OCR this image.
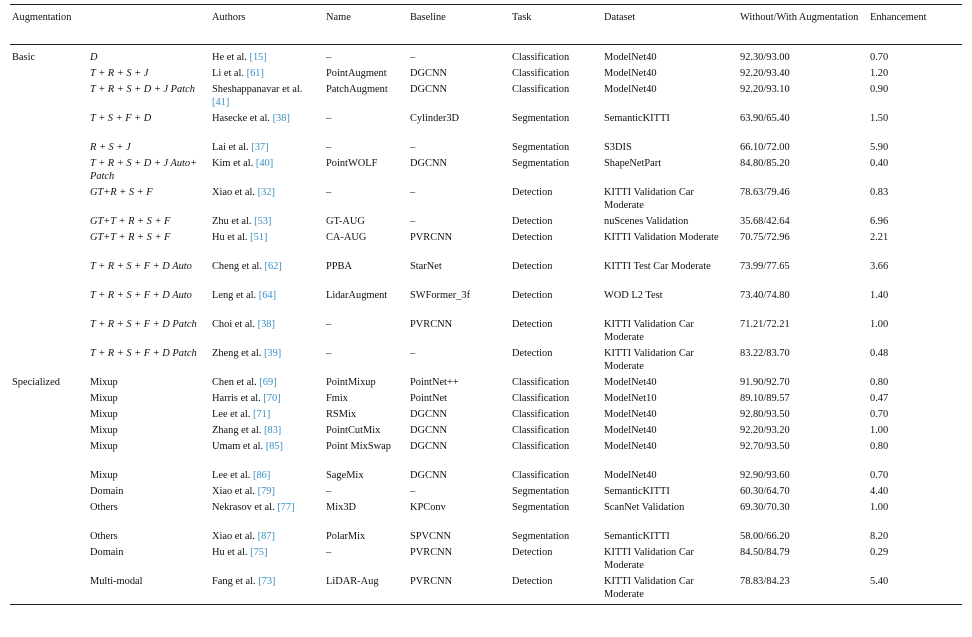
Augmentation		Authors	Name	Baseline	Task	Dataset	Without/With Augmentation	Enhancement
Basic	D	He et al. [15]	–	–	Classification	ModelNet40	92.30/93.00	0.70
	T + R + S + J	Li et al. [61]	PointAugment	DGCNN	Classification	ModelNet40	92.20/93.40	1.20
	T + R + S + D + J Patch	Sheshappanavar et al. [41]	PatchAugment	DGCNN	Classification	ModelNet40	92.20/93.10	0.90
	T + S + F + D	Hasecke et al. [38]	–	Cylinder3D	Segmentation	SemanticKITTI	63.90/65.40	1.50
	R + S + J	Lai et al. [37]	–	–	Segmentation	S3DIS	66.10/72.00	5.90
	T + R + S + D + J Auto+ Patch	Kim et al. [40]	PointWOLF	DGCNN	Segmentation	ShapeNetPart	84.80/85.20	0.40
	GT+R + S + F	Xiao et al. [32]	–	–	Detection	KITTI Validation Car Moderate	78.63/79.46	0.83
	GT+T + R + S + F	Zhu et al. [53]	GT-AUG	–	Detection	nuScenes Validation	35.68/42.64	6.96
	GT+T + R + S + F	Hu et al. [51]	CA-AUG	PVRCNN	Detection	KITTI Validation Moderate	70.75/72.96	2.21
	T + R + S + F + D Auto	Cheng et al. [62]	PPBA	StarNet	Detection	KITTI Test Car Moderate	73.99/77.65	3.66
	T + R + S + F + D Auto	Leng et al. [64]	LidarAugment	SWFormer_3f	Detection	WOD L2 Test	73.40/74.80	1.40
	T + R + S + F + D Patch	Choi et al. [38]	–	PVRCNN	Detection	KITTI Validation Car Moderate	71.21/72.21	1.00
	T + R + S + F + D Patch	Zheng et al. [39]	–	–	Detection	KITTI Validation Car Moderate	83.22/83.70	0.48
Specialized	Mixup	Chen et al. [69]	PointMixup	PointNet++	Classification	ModelNet40	91.90/92.70	0.80
	Mixup	Harris et al. [70]	Fmix	PointNet	Classification	ModelNet10	89.10/89.57	0.47
	Mixup	Lee et al. [71]	RSMix	DGCNN	Classification	ModelNet40	92.80/93.50	0.70
	Mixup	Zhang et al. [83]	PointCutMix	DGCNN	Classification	ModelNet40	92.20/93.20	1.00
	Mixup	Umam et al. [85]	Point MixSwap	DGCNN	Classification	ModelNet40	92.70/93.50	0.80
	Mixup	Lee et al. [86]	SageMix	DGCNN	Classification	ModelNet40	92.90/93.60	0.70
	Domain	Xiao et al. [79]	–	–	Segmentation	SemanticKITTI	60.30/64.70	4.40
	Others	Nekrasov et al. [77]	Mix3D	KPConv	Segmentation	ScanNet Validation	69.30/70.30	1.00
	Others	Xiao et al. [87]	PolarMix	SPVCNN	Segmentation	SemanticKITTI	58.00/66.20	8.20
	Domain	Hu et al. [75]	–	PVRCNN	Detection	KITTI Validation Car Moderate	84.50/84.79	0.29
	Multi-modal	Fang et al. [73]	LiDAR-Aug	PVRCNN	Detection	KITTI Validation Car Moderate	78.83/84.23	5.40
